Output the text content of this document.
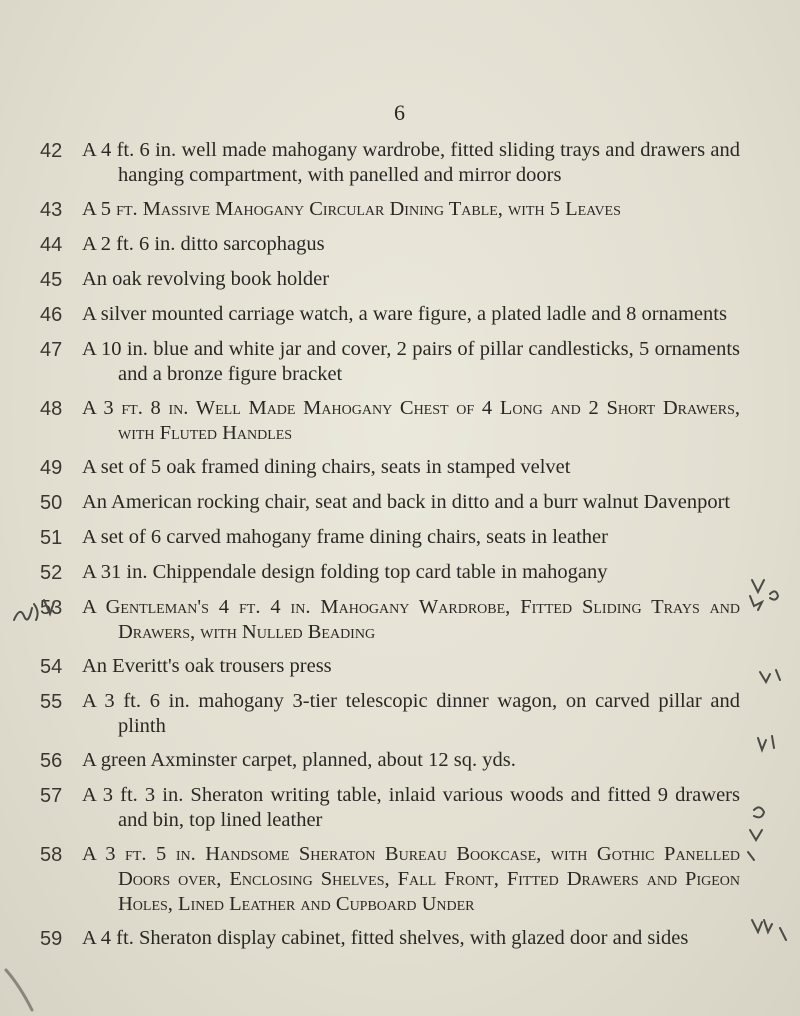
6
42 A 4 ft. 6 in. well made mahogany wardrobe, fitted sliding trays and drawers and hanging compartment, with panelled and mirror doors
43 A 5 ft. Massive Mahogany Circular Dining Table, with 5 Leaves
44 A 2 ft. 6 in. ditto sarcophagus
45 An oak revolving book holder
46 A silver mounted carriage watch, a ware figure, a plated ladle and 8 ornaments
47 A 10 in. blue and white jar and cover, 2 pairs of pillar candlesticks, 5 ornaments and a bronze figure bracket
48 A 3 ft. 8 in. Well Made Mahogany Chest of 4 Long and 2 Short Drawers, with Fluted Handles
49 A set of 5 oak framed dining chairs, seats in stamped velvet
50 An American rocking chair, seat and back in ditto and a burr walnut Davenport
51 A set of 6 carved mahogany frame dining chairs, seats in leather
52 A 31 in. Chippendale design folding top card table in mahogany
53 A Gentleman's 4 ft. 4 in. Mahogany Wardrobe, Fitted Sliding Trays and Drawers, with Nulled Beading
54 An Everitt's oak trousers press
55 A 3 ft. 6 in. mahogany 3-tier telescopic dinner wagon, on carved pillar and plinth
56 A green Axminster carpet, planned, about 12 sq. yds.
57 A 3 ft. 3 in. Sheraton writing table, inlaid various woods and fitted 9 drawers and bin, top lined leather
58 A 3 ft. 5 in. Handsome Sheraton Bureau Bookcase, with Gothic Panelled Doors over, Enclosing Shelves, Fall Front, Fitted Drawers and Pigeon Holes, Lined Leather and Cupboard Under
59 A 4 ft. Sheraton display cabinet, fitted shelves, with glazed door and sides
